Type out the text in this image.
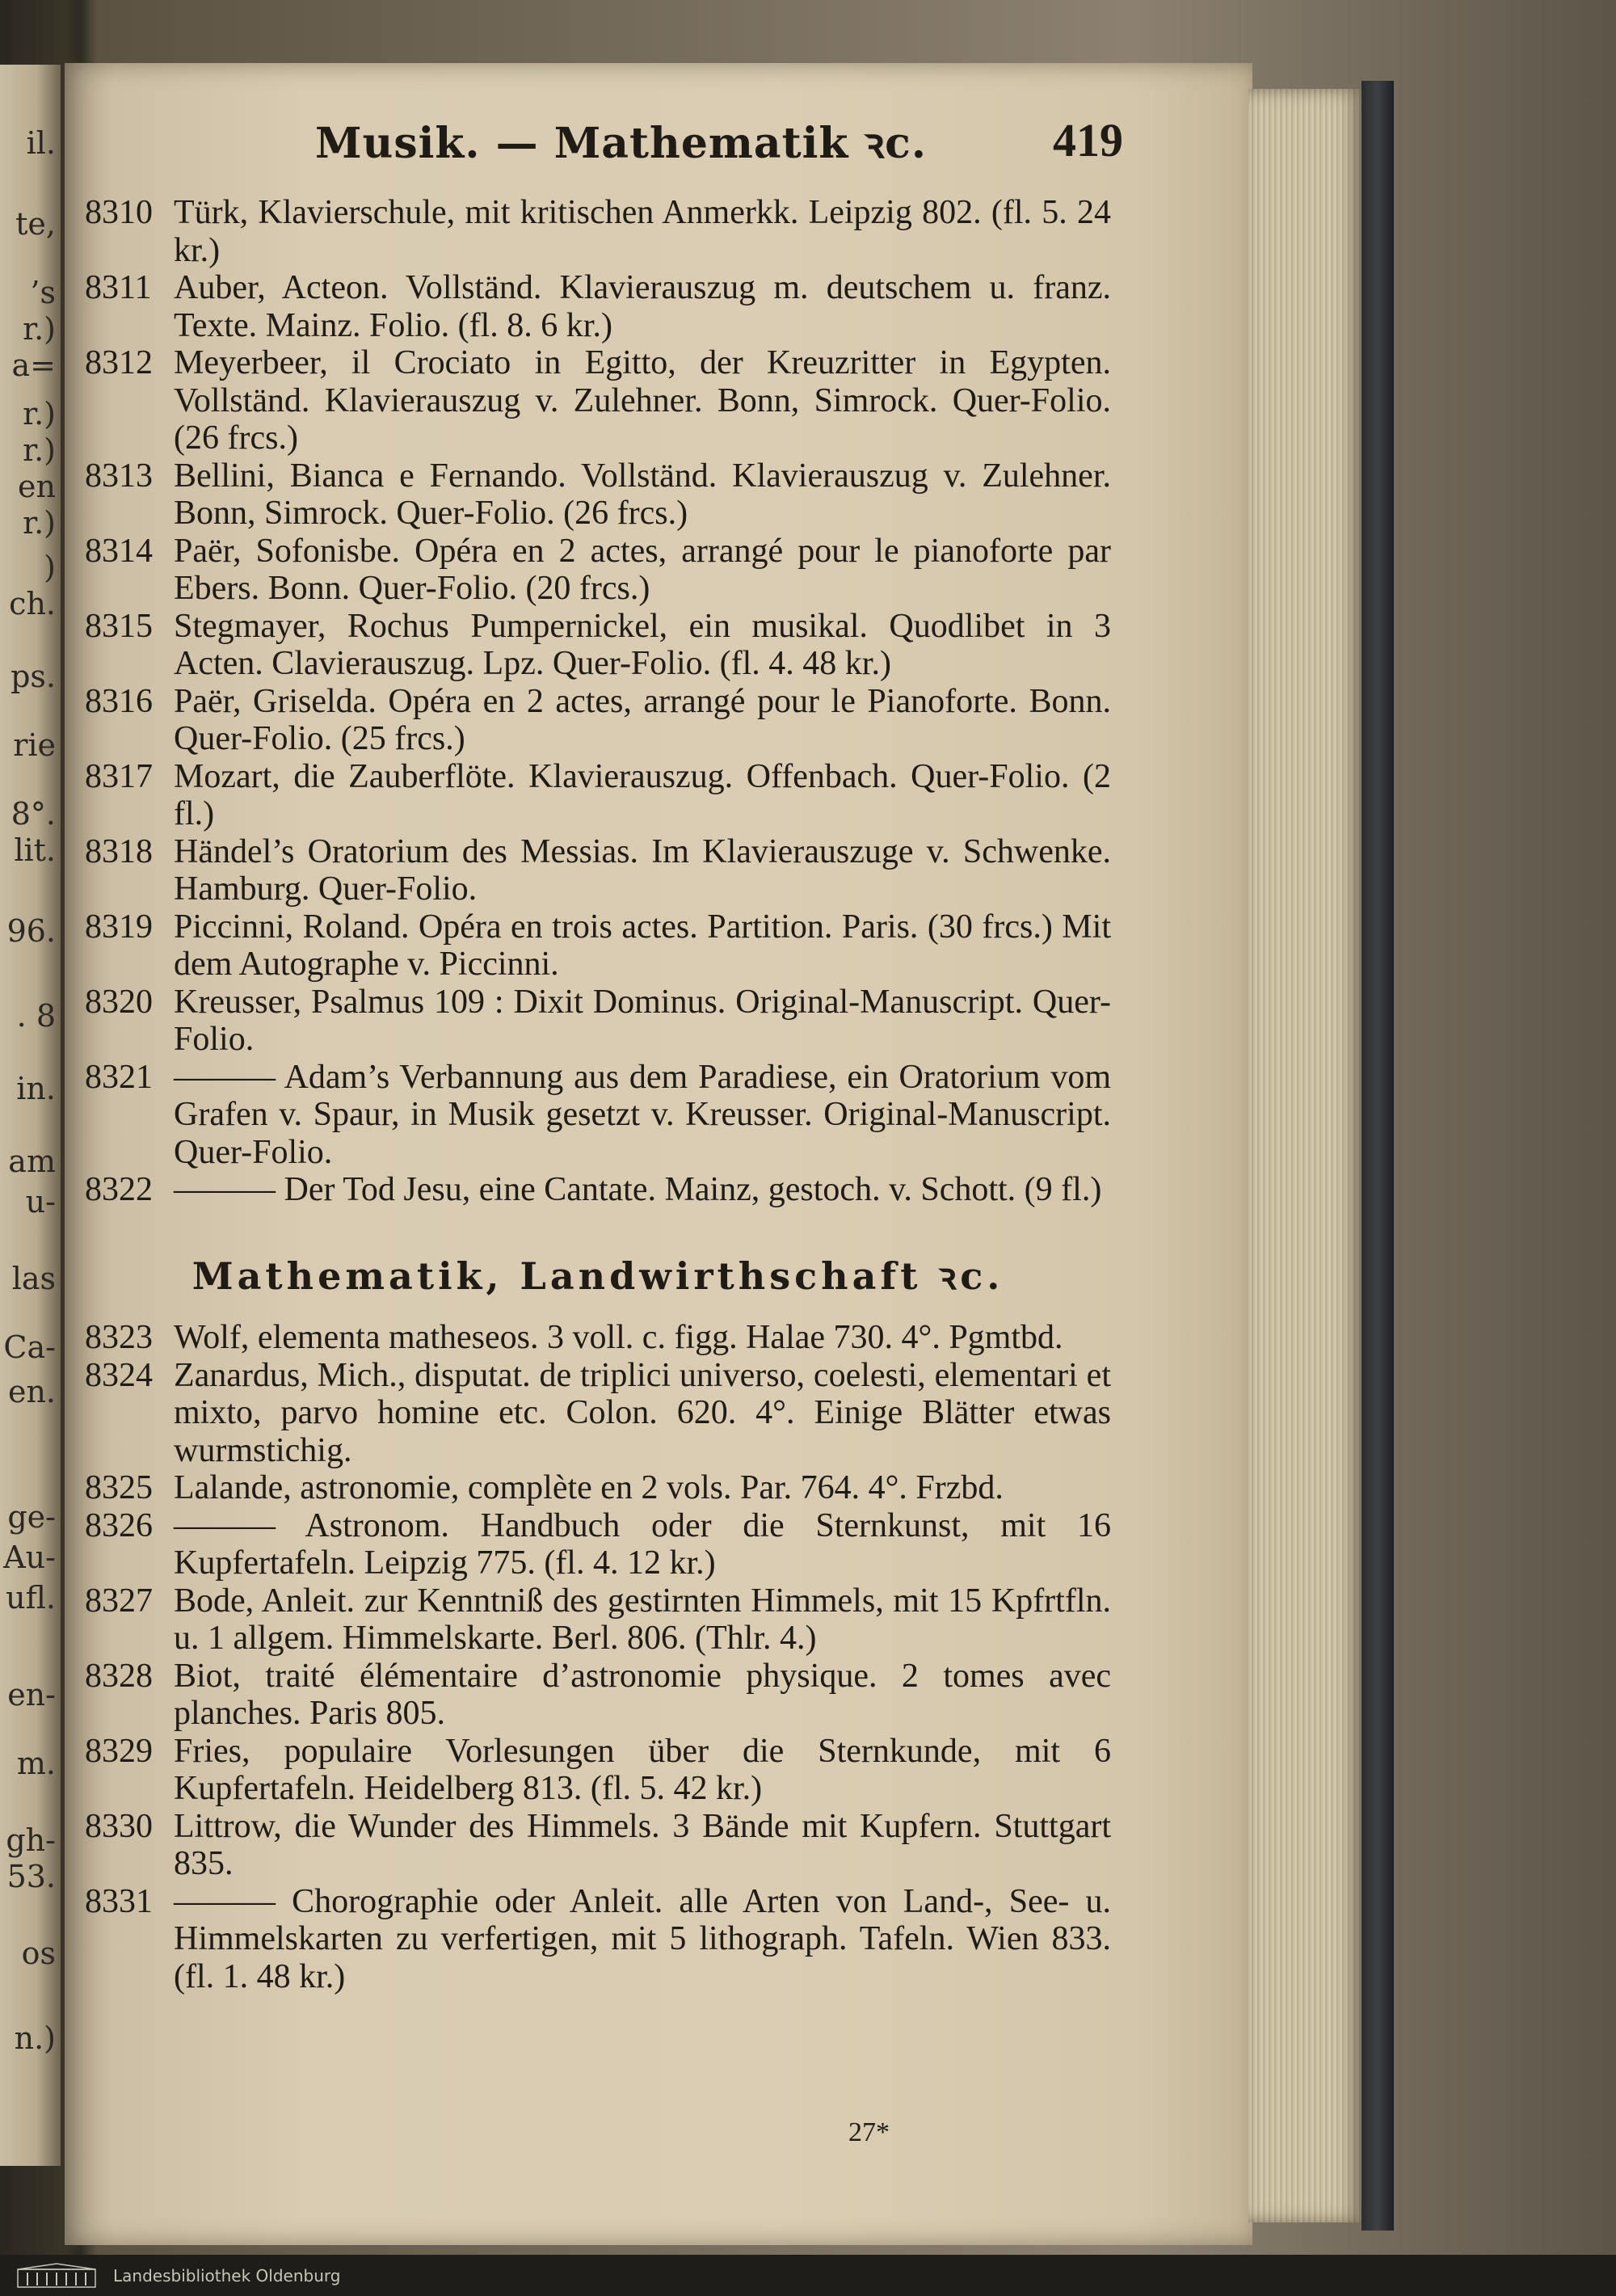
il.
te,
’s
r.)
a=
r.)
r.)
en
r.)
)
ch.
ps.
rie
8°.
lit.
96.
. 8
in.
am
u-
las
Ca-
en.
ge-
Au-
ufl.
en-
m.
gh-
53.
os
n.)
Musik. — Mathematik ꝛc.	419
8310 Türk, Klavierschule, mit kritischen Anmerkk. Leipzig 802. (fl. 5. 24 kr.)
8311 Auber, Acteon. Vollständ. Klavierauszug m. deutschem u. franz. Texte. Mainz. Folio. (fl. 8. 6 kr.)
8312 Meyerbeer, il Crociato in Egitto, der Kreuzritter in Egypten. Vollständ. Klavierauszug v. Zulehner. Bonn, Simrock. Quer-Folio. (26 frcs.)
8313 Bellini, Bianca e Fernando. Vollständ. Klavierauszug v. Zulehner. Bonn, Simrock. Quer-Folio. (26 frcs.)
8314 Paër, Sofonisbe. Opéra en 2 actes, arrangé pour le pianoforte par Ebers. Bonn. Quer-Folio. (20 frcs.)
8315 Stegmayer, Rochus Pumpernickel, ein musikal. Quodlibet in 3 Acten. Clavierauszug. Lpz. Quer-Folio. (fl. 4. 48 kr.)
8316 Paër, Griselda. Opéra en 2 actes, arrangé pour le Pianoforte. Bonn. Quer-Folio. (25 frcs.)
8317 Mozart, die Zauberflöte. Klavierauszug. Offenbach. Quer-Folio. (2 fl.)
8318 Händel’s Oratorium des Messias. Im Klavierauszuge v. Schwenke. Hamburg. Quer-Folio.
8319 Piccinni, Roland. Opéra en trois actes. Partition. Paris. (30 frcs.) Mit dem Autographe v. Piccinni.
8320 Kreusser, Psalmus 109 : Dixit Dominus. Original-Manuscript. Quer-Folio.
8321 ——— Adam’s Verbannung aus dem Paradiese, ein Oratorium vom Grafen v. Spaur, in Musik gesetzt v. Kreusser. Original-Manuscript. Quer-Folio.
8322 ——— Der Tod Jesu, eine Cantate. Mainz, gestoch. v. Schott. (9 fl.)
Mathematik, Landwirthschaft ꝛc.
8323 Wolf, elementa matheseos. 3 voll. c. figg. Halae 730. 4°. Pgmtbd.
8324 Zanardus, Mich., disputat. de triplici universo, coelesti, elementari et mixto, parvo homine etc. Colon. 620. 4°. Einige Blätter etwas wurmstichig.
8325 Lalande, astronomie, complète en 2 vols. Par. 764. 4°. Frzbd.
8326 ——— Astronom. Handbuch oder die Sternkunst, mit 16 Kupfertafeln. Leipzig 775. (fl. 4. 12 kr.)
8327 Bode, Anleit. zur Kenntniß des gestirnten Himmels, mit 15 Kpfrtfln. u. 1 allgem. Himmelskarte. Berl. 806. (Thlr. 4.)
8328 Biot, traité élémentaire d’astronomie physique. 2 tomes avec planches. Paris 805.
8329 Fries, populaire Vorlesungen über die Sternkunde, mit 6 Kupfertafeln. Heidelberg 813. (fl. 5. 42 kr.)
8330 Littrow, die Wunder des Himmels. 3 Bände mit Kupfern. Stuttgart 835.
8331 ——— Chorographie oder Anleit. alle Arten von Land-, See- u. Himmelskarten zu verfertigen, mit 5 lithograph. Tafeln. Wien 833. (fl. 1. 48 kr.)
27*
Landesbibliothek Oldenburg
